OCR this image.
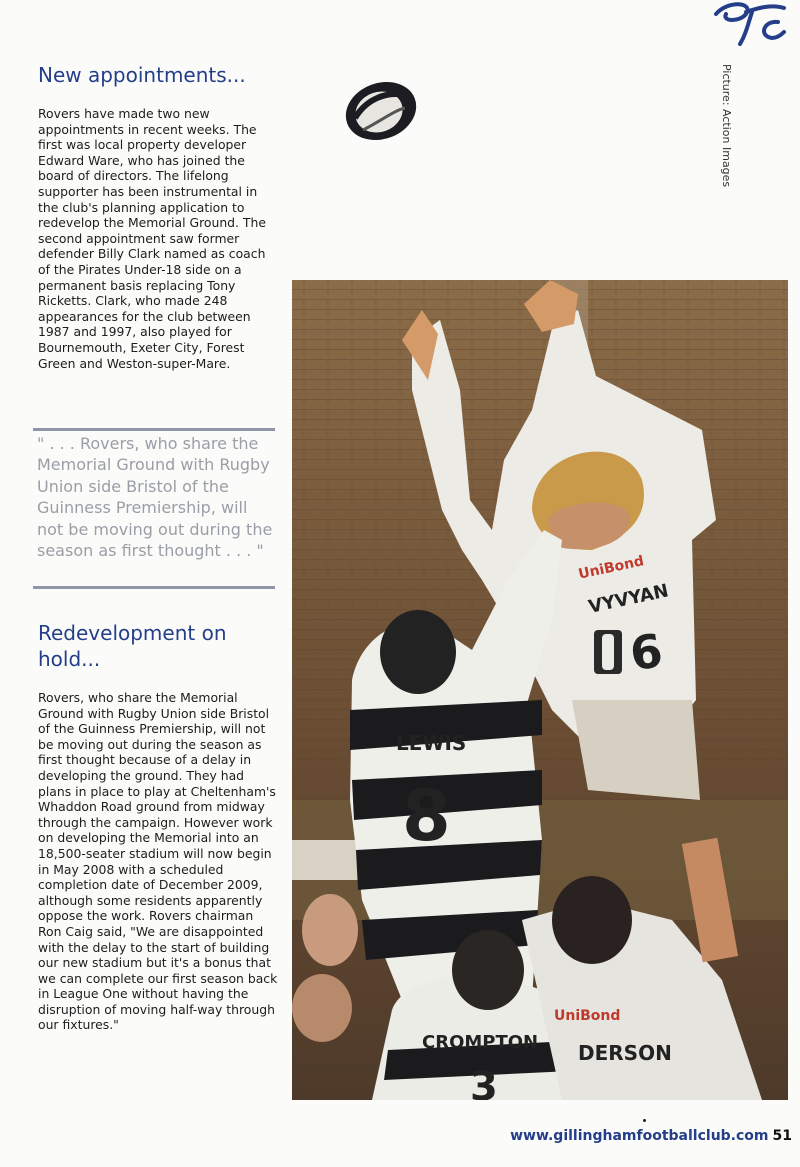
Picture: Action Images
New appointments...

Rovers have made two new appointments in recent weeks. The first was local property developer Edward Ware, who has joined the board of directors. The lifelong supporter has been instrumental in the club's planning application to redevelop the Memorial Ground. The second appointment saw former defender Billy Clark named as coach of the Pirates Under-18 side on a permanent basis replacing Tony Ricketts. Clark, who made 248 appearances for the club between 1987 and 1997, also played for Bournemouth, Exeter City, Forest Green and Weston-super-Mare.

" . . . Rovers, who share the Memorial Ground with Rugby Union side Bristol of the Guinness Premiership, will not be moving out during the season as first thought . . . "

Redevelopment on hold...

Rovers, who share the Memorial Ground with Rugby Union side Bristol of the Guinness Premiership, will not be moving out during the season as first thought because of a delay in developing the ground. They had plans in place to play at Cheltenham's Whaddon Road ground from midway through the campaign. However work on developing the Memorial into an 18,500-seater stadium will now begin in May 2008 with a scheduled completion date of December 2009, although some residents apparently oppose the work. Rovers chairman Ron Caig said, "We are disappointed with the delay to the start of building our new stadium but it's a bonus that we can complete our first season back in League One without having the disruption of moving half-way through our fixtures."

UniBond
VYVYAN
6
LEWIS
8
CROMPTON
3
UniBond
DERSON
www.gillinghamfootballclub.com 51
